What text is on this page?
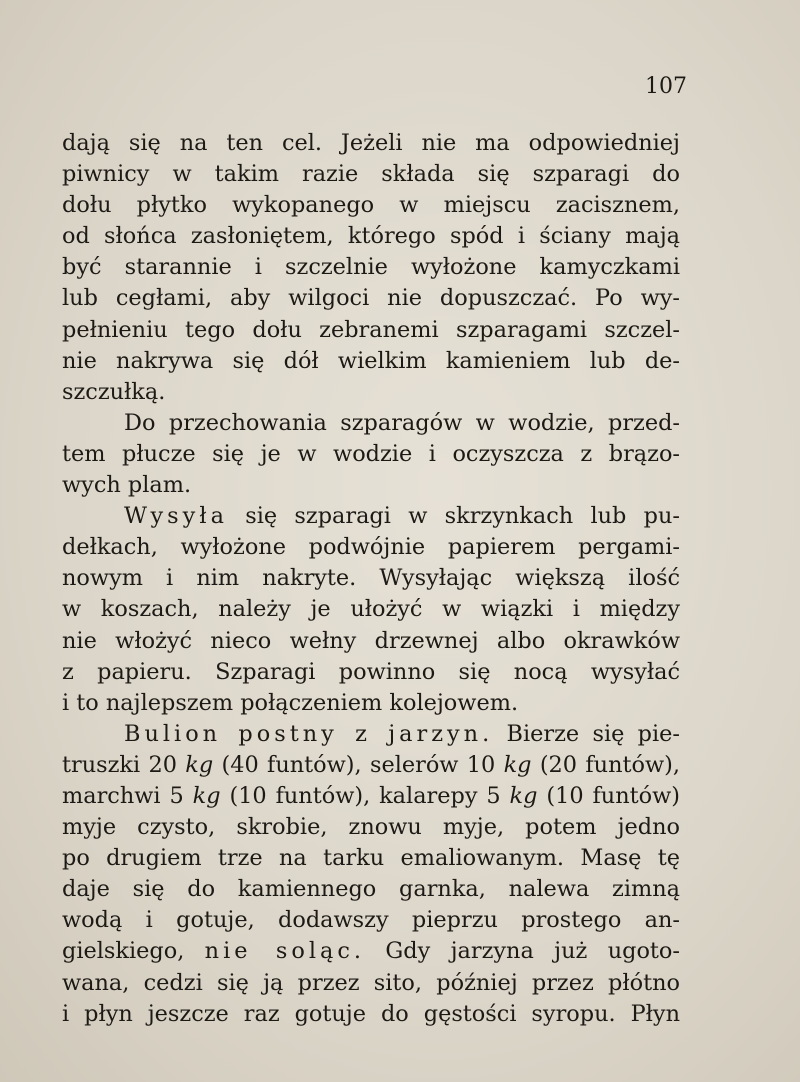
107

dają się na ten cel. Jeżeli nie ma odpowiedniej
piwnicy w takim razie składa się szparagi do
dołu płytko wykopanego w miejscu zacisznem,
od słońca zasłoniętem, którego spód i ściany mają
być starannie i szczelnie wyłożone kamyczkami
lub cegłami, aby wilgoci nie dopuszczać. Po wy-
pełnieniu tego dołu zebranemi szparagami szczel-
nie nakrywa się dół wielkim kamieniem lub de-
szczułką.

Do przechowania szparagów w wodzie, przed-
tem płucze się je w wodzie i oczyszcza z brązo-
wych plam.

Wysyła się szparagi w skrzynkach lub pu-
dełkach, wyłożone podwójnie papierem pergami-
nowym i nim nakryte. Wysyłając większą ilość
w koszach, należy je ułożyć w wiązki i między
nie włożyć nieco wełny drzewnej albo okrawków
z papieru. Szparagi powinno się nocą wysyłać
i to najlepszem połączeniem kolejowem.

Bulion postny z jarzyn. Bierze się pie-
truszki 20 kg (40 funtów), selerów 10 kg (20 funtów),
marchwi 5 kg (10 funtów), kalarepy 5 kg (10 funtów)
myje czysto, skrobie, znowu myje, potem jedno
po drugiem trze na tarku emaliowanym. Masę tę
daje się do kamiennego garnka, nalewa zimną
wodą i gotuje, dodawszy pieprzu prostego an-
gielskiego, nie soląc. Gdy jarzyna już ugoto-
wana, cedzi się ją przez sito, później przez płótno
i płyn jeszcze raz gotuje do gęstości syropu. Płyn
